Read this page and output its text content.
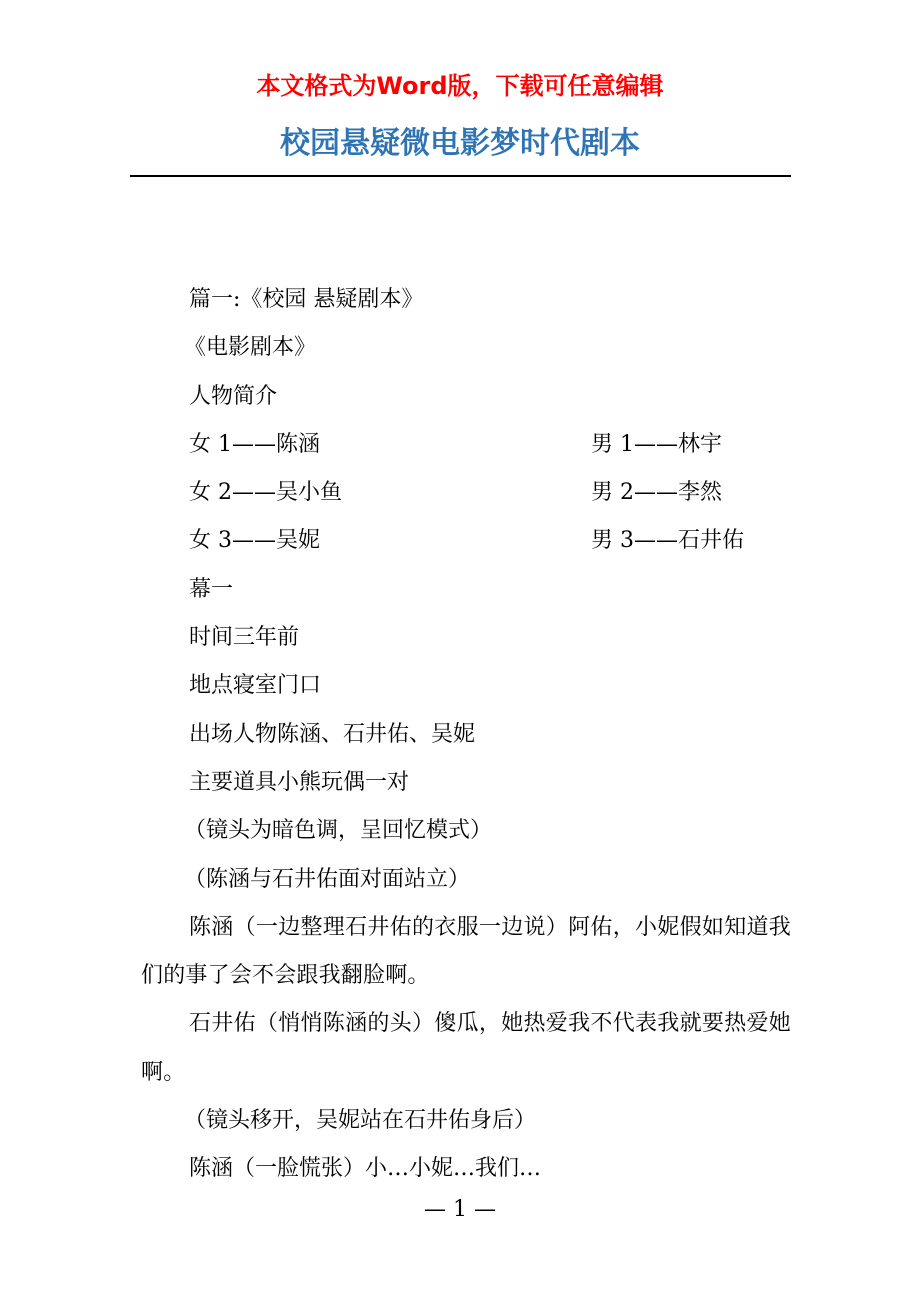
本文格式为Word版，下载可任意编辑
校园悬疑微电影梦时代剧本
篇一:《校园 悬疑剧本》
《电影剧本》
人物简介
女 1——陈涵	男 1——林宇
女 2——吴小鱼	男 2——李然
女 3——吴妮	男 3——石井佑
幕一
时间三年前
地点寝室门口
出场人物陈涵、石井佑、吴妮
主要道具小熊玩偶一对
（镜头为暗色调，呈回忆模式）
（陈涵与石井佑面对面站立）
陈涵（一边整理石井佑的衣服一边说）阿佑，小妮假如知道我们的事了会不会跟我翻脸啊。
石井佑（悄悄陈涵的头）傻瓜，她热爱我不代表我就要热爱她啊。
（镜头移开，吴妮站在石井佑身后）
陈涵（一脸慌张）小…小妮…我们…
— 1 —
